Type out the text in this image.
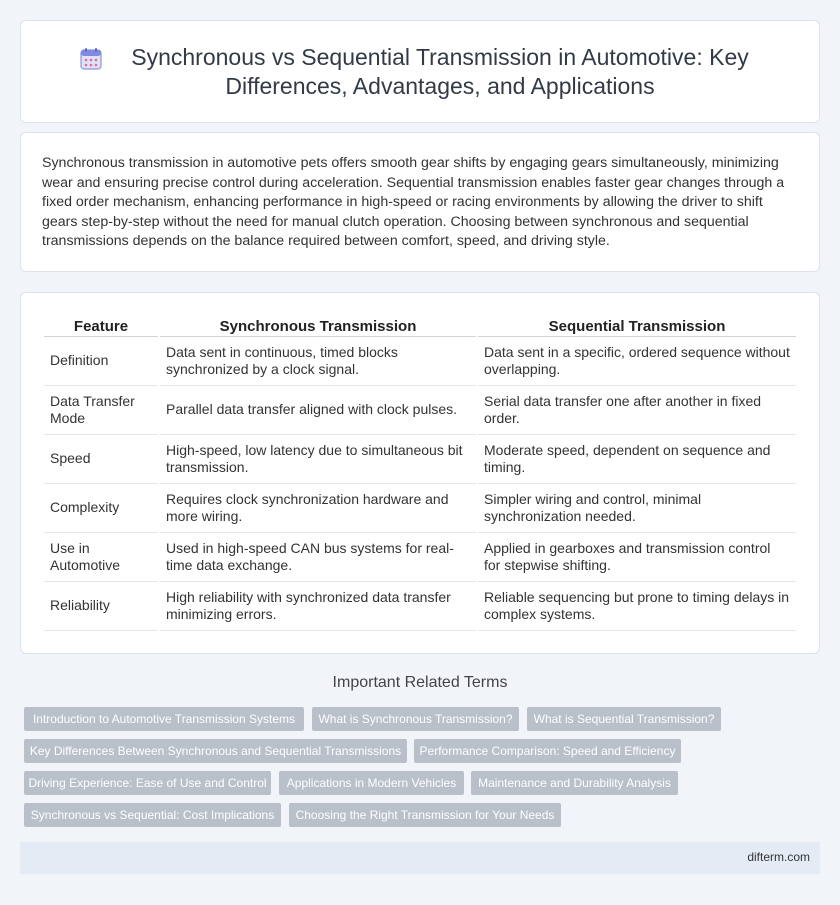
Synchronous vs Sequential Transmission in Automotive: Key Differences, Advantages, and Applications

Synchronous transmission in automotive pets offers smooth gear shifts by engaging gears simultaneously, minimizing wear and ensuring precise control during acceleration. Sequential transmission enables faster gear changes through a fixed order mechanism, enhancing performance in high-speed or racing environments by allowing the driver to shift gears step-by-step without the need for manual clutch operation. Choosing between synchronous and sequential transmissions depends on the balance required between comfort, speed, and driving style.

Feature	Synchronous Transmission	Sequential Transmission
Definition	Data sent in continuous, timed blocks synchronized by a clock signal.	Data sent in a specific, ordered sequence without overlapping.
Data Transfer Mode	Parallel data transfer aligned with clock pulses.	Serial data transfer one after another in fixed order.
Speed	High-speed, low latency due to simultaneous bit transmission.	Moderate speed, dependent on sequence and timing.
Complexity	Requires clock synchronization hardware and more wiring.	Simpler wiring and control, minimal synchronization needed.
Use in Automotive	Used in high-speed CAN bus systems for real-time data exchange.	Applied in gearboxes and transmission control for stepwise shifting.
Reliability	High reliability with synchronized data transfer minimizing errors.	Reliable sequencing but prone to timing delays in complex systems.
Important Related Terms
Introduction to Automotive Transmission Systems	What is Synchronous Transmission?	What is Sequential Transmission?
Key Differences Between Synchronous and Sequential Transmissions	Performance Comparison: Speed and Efficiency
Driving Experience: Ease of Use and Control	Applications in Modern Vehicles	Maintenance and Durability Analysis
Synchronous vs Sequential: Cost Implications	Choosing the Right Transmission for Your Needs
difterm.com
